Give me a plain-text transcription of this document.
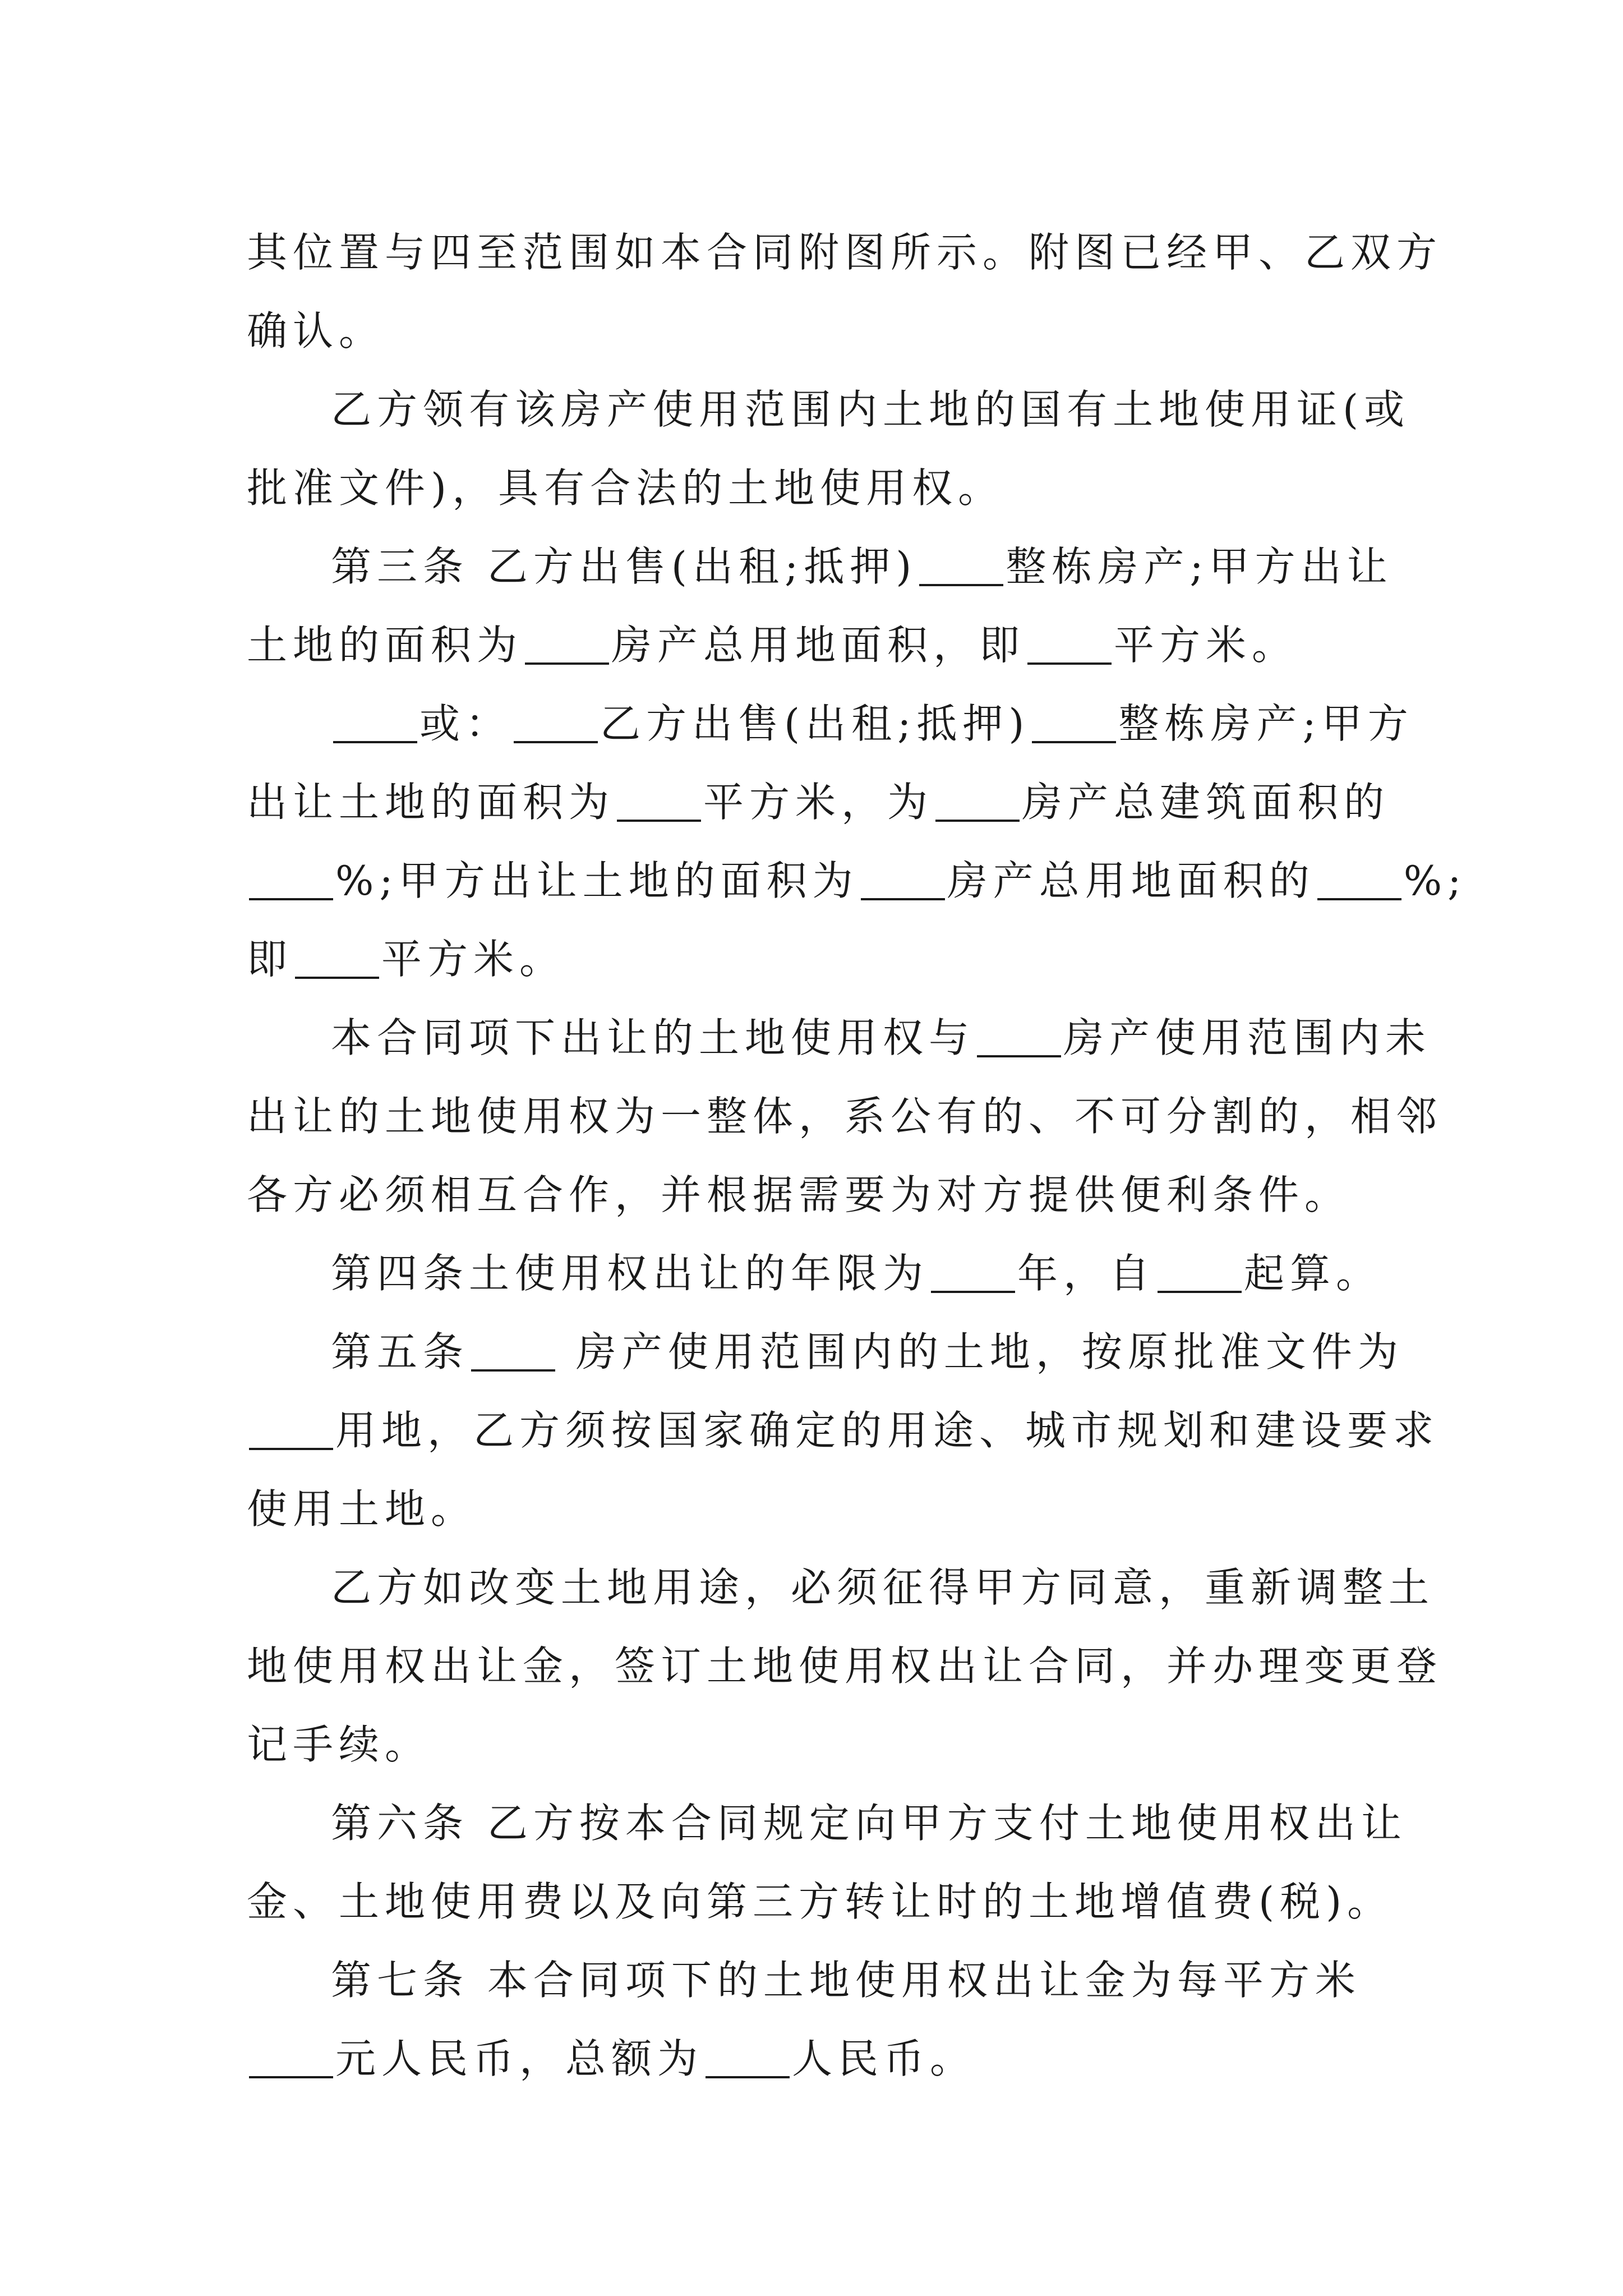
其位置与四至范围如本合同附图所示。附图已经甲、乙双方
确认。
乙方领有该房产使用范围内土地的国有土地使用证(或
批准文件)，具有合法的土地使用权。
第三条 乙方出售(出租;抵押) 整栋房产;甲方出让
土地的面积为 房产总用地面积，即 平方米。
或： 乙方出售(出租;抵押) 整栋房产;甲方
出让土地的面积为 平方米，为 房产总建筑面积的
%;甲方出让土地的面积为 房产总用地面积的 %;
即 平方米。
本合同项下出让的土地使用权与 房产使用范围内未
出让的土地使用权为一整体，系公有的、不可分割的，相邻
各方必须相互合作，并根据需要为对方提供便利条件。
第四条土使用权出让的年限为 年，自 起算。
第五条 房产使用范围内的土地，按原批准文件为
用地，乙方须按国家确定的用途、城市规划和建设要求
使用土地。
乙方如改变土地用途，必须征得甲方同意，重新调整土
地使用权出让金，签订土地使用权出让合同，并办理变更登
记手续。
第六条 乙方按本合同规定向甲方支付土地使用权出让
金、土地使用费以及向第三方转让时的土地增值费(税)。
第七条 本合同项下的土地使用权出让金为每平方米
元人民币，总额为 人民币。
